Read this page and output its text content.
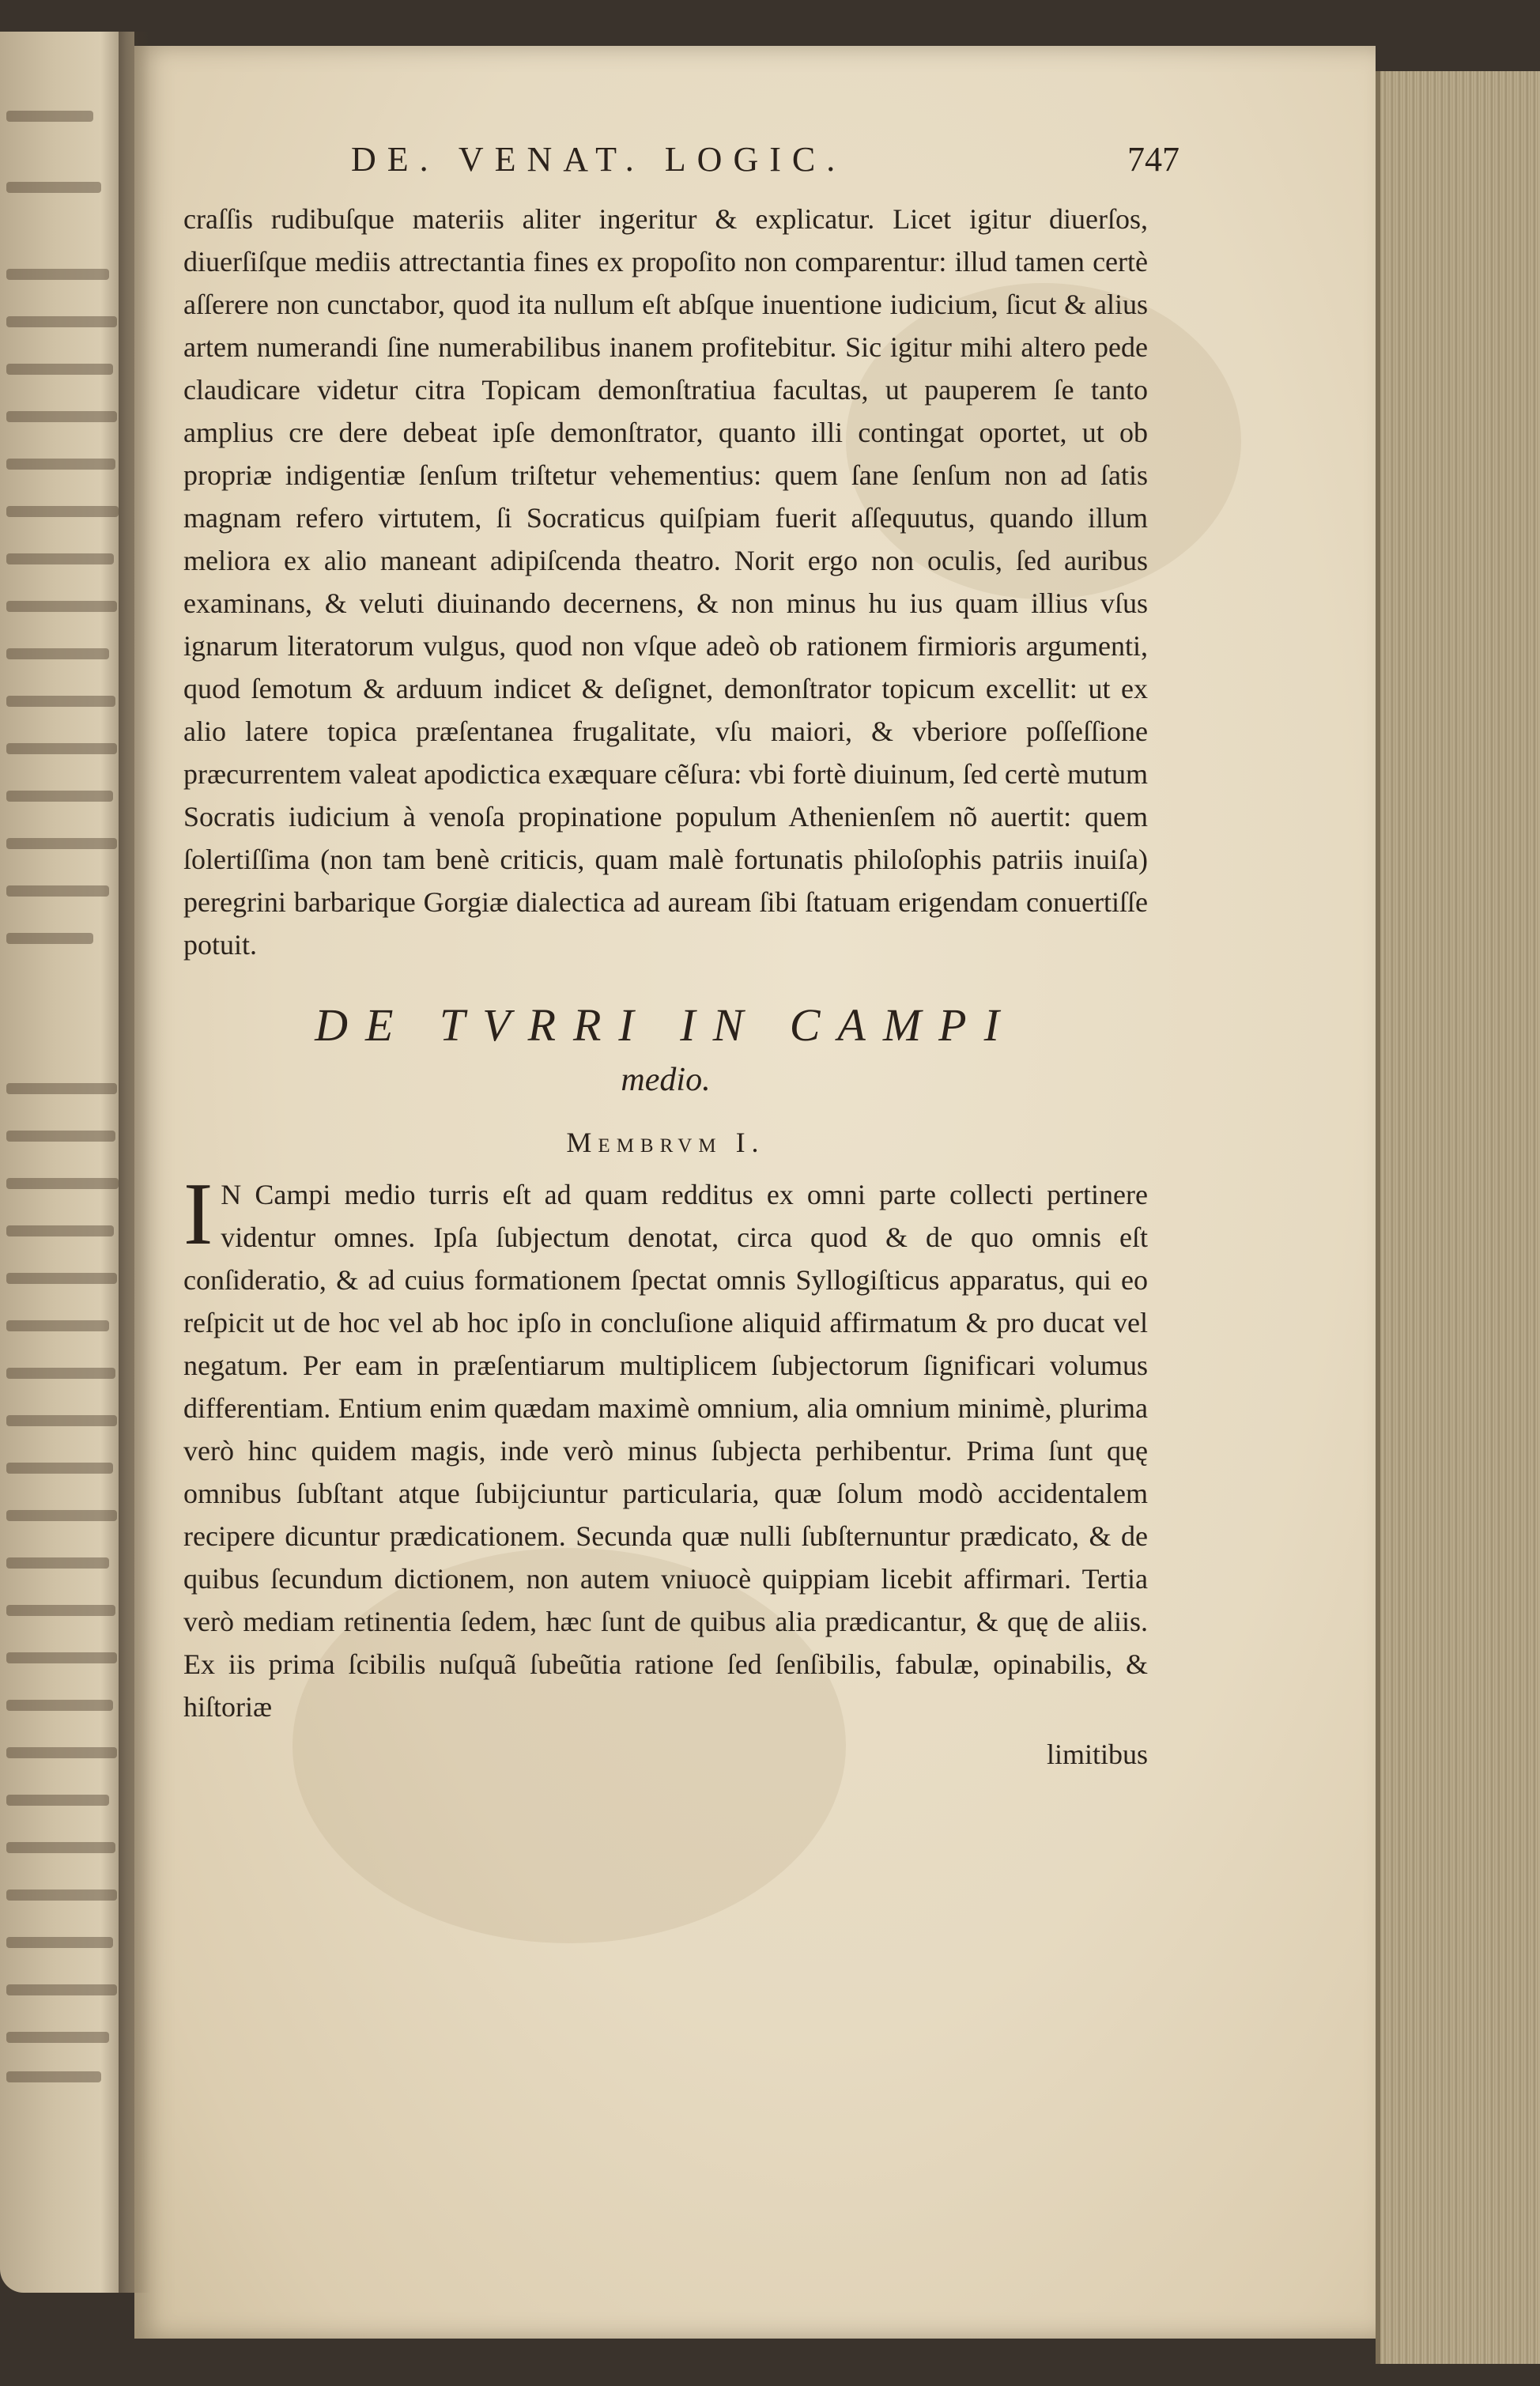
DE. VENAT. LOGIC.	747

craſſis rudibuſque materiis aliter ingeritur & explicatur. Licet igitur diuerſos, diuerſiſque mediis attrectantia fines ex propoſito non comparentur: illud tamen certè aſſerere non cunctabor, quod ita nullum eſt abſque inuentione iudicium, ſicut & alius artem numerandi ſine numerabilibus inanem profitebitur. Sic igitur mihi altero pede claudicare videtur citra Topicam demonſtratiua facultas, ut pauperem ſe tanto amplius cre dere debeat ipſe demonſtrator, quanto illi contingat oportet, ut ob propriæ indigentiæ ſenſum triſtetur vehementius: quem ſane ſenſum non ad ſatis magnam refero virtutem, ſi Socraticus quiſpiam fuerit aſſequutus, quando illum meliora ex alio maneant adipiſcenda theatro. Norit ergo non oculis, ſed auribus examinans, & veluti diuinando decernens, & non minus hu ius quam illius vſus ignarum literatorum vulgus, quod non vſque adeò ob rationem firmioris argumenti, quod ſemotum & arduum indicet & deſignet, demonſtrator topicum excellit: ut ex alio latere topica præſentanea frugalitate, vſu maiori, & vberiore poſſeſſione præcurrentem valeat apodictica exæquare cẽſura: vbi fortè diuinum, ſed certè mutum Socratis iudicium à venoſa propinatione populum Athenienſem nõ auertit: quem ſolertiſſima (non tam benè criticis, quam malè fortunatis philoſophis patriis inuiſa) peregrini barbarique Gorgiæ dialectica ad auream ſibi ſtatuam erigendam conuertiſſe potuit.

DE TVRRI IN CAMPI
medio.
Membrvm I.

I N Campi medio turris eſt ad quam redditus ex omni parte collecti pertinere videntur omnes. Ipſa ſubjectum denotat, circa quod & de quo omnis eſt conſideratio, & ad cuius formationem ſpectat omnis Syllogiſticus apparatus, qui eo reſpicit ut de hoc vel ab hoc ipſo in concluſione aliquid affirmatum & pro ducat vel negatum. Per eam in præſentiarum multiplicem ſubjectorum ſignificari volumus differentiam. Entium enim quædam maximè omnium, alia omnium minimè, plurima verò hinc quidem magis, inde verò minus ſubjecta perhibentur. Prima ſunt quę omnibus ſubſtant atque ſubijciuntur particularia, quæ ſolum modò accidentalem recipere dicuntur prædicationem. Secunda quæ nulli ſubſternuntur prædicato, & de quibus ſecundum dictionem, non autem vniuocè quippiam licebit affirmari. Tertia verò mediam retinentia ſedem, hæc ſunt de quibus alia prædicantur, & quę de aliis. Ex iis prima ſcibilis nuſquã ſubeũtia ratione ſed ſenſibilis, fabulæ, opinabilis, & hiſtoriæ

limitibus
